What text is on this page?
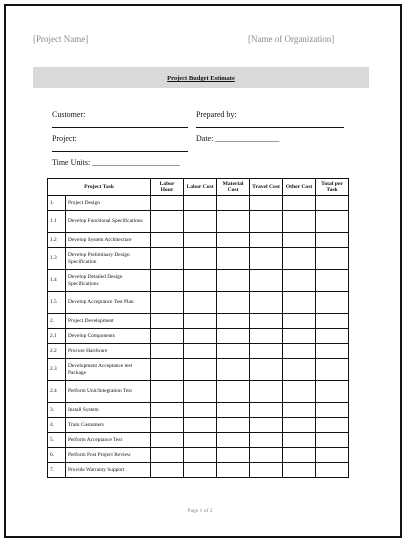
[Project Name]	[Name of Organization]
Project Budget Estimate
Customer:	Prepared by:
Project:	Date: ________________
Time Units: ______________________
Project Task		Labor Hour	Labor Cost	Material Cost	Travel Cost	Other Cost	Total per Task
1.	Project Design						
1.1	Develop Functional Specifications						
1.2	Develop System Architecture						
1.3	Develop Preliminary Design Specification						
1.4	Develop Detailed Design Specifications						
1.5	Develop Acceptance Test Plan						
2.	Project Development						
2.1	Develop Components						
2.2	Procure Hardware						
2.3	Development Acceptance test Package						
2.4	Perform Unit/Integration Test						
3.	Install System						
4.	Train Customers						
5.	Perform Acceptance Test						
6.	Perform Post Project Review						
7.	Provide Warranty Support						
Page 1 of 2
